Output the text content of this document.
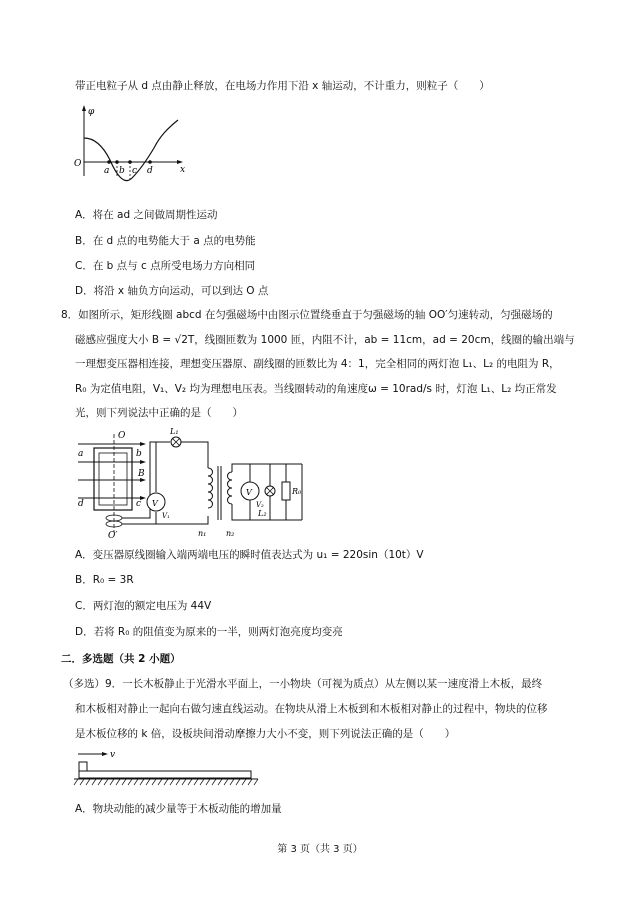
带正电粒子从 d 点由静止释放，在电场力作用下沿 x 轴运动，不计重力，则粒子（　　）
φ
x
O
a b c d
A．将在 ad 之间做周期性运动
B．在 d 点的电势能大于 a 点的电势能
C．在 b 点与 c 点所受电场力方向相同
D．将沿 x 轴负方向运动，可以到达 O 点
8．如图所示，矩形线圈 abcd 在匀强磁场中由图示位置绕垂直于匀强磁场的轴 OO′匀速转动，匀强磁场的
磁感应强度大小 B = √2T，线圈匝数为 1000 匝，内阻不计，ab = 11cm，ad = 20cm，线圈的输出端与
一理想变压器相连接，理想变压器原、副线圈的匝数比为 4：1，完全相同的两灯泡 L₁、L₂ 的电阻为 R，
R₀ 为定值电阻，V₁、V₂ 均为理想电压表。当线圈转动的角速度ω = 10rad/s 时，灯泡 L₁、L₂ 均正常发
光，则下列说法中正确的是（　　）
V
V
O
O′
a	b
c
d
B
L₁
V₁
V₂
L₂
R₀
n₁ n₂
A．变压器原线圈输入端两端电压的瞬时值表达式为 u₁ = 220sin（10t）V
B．R₀ = 3R
C．两灯泡的额定电压为 44V
D．若将 R₀ 的阻值变为原来的一半，则两灯泡亮度均变亮
二．多选题（共 2 小题）
（多选）9．一长木板静止于光滑水平面上，一小物块（可视为质点）从左侧以某一速度滑上木板，最终
和木板相对静止一起向右做匀速直线运动。在物块从滑上木板到和木板相对静止的过程中，物块的位移
是木板位移的 k 倍，设板块间滑动摩擦力大小不变，则下列说法正确的是（　　）
v
A．物块动能的减少量等于木板动能的增加量
第 3 页（共 3 页）
